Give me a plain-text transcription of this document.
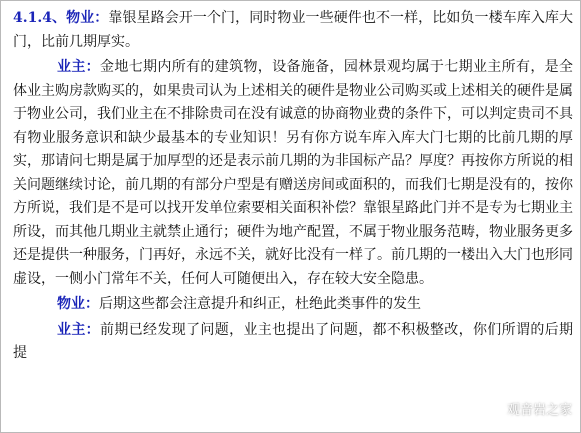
4.1.4、物业：靠银星路会开一个门，同时物业一些硬件也不一样，比如负一楼车库入库大门，比前几期厚实。

业主：金地七期内所有的建筑物，设备施备，园林景观均属于七期业主所有，是全体业主购房款购买的，如果贵司认为上述相关的硬件是物业公司购买或上述相关的硬件是属于物业公司，我们业主在不排除贵司在没有诚意的协商物业费的条件下，可以判定贵司不具有物业服务意识和缺少最基本的专业知识！另有你方说车库入库大门七期的比前几期的厚实，那请问七期是属于加厚型的还是表示前几期的为非国标产品？厚度？再按你方所说的相关问题继续讨论，前几期的有部分户型是有赠送房间或面积的，而我们七期是没有的，按你方所说，我们是不是可以找开发单位索要相关面积补偿？靠银星路此门并不是专为七期业主所设，而其他几期业主就禁止通行；硬件为地产配置，不属于物业服务范畴，物业服务更多还是提供一种服务，门再好，永远不关，就好比没有一样了。前几期的一楼出入大门也形同虚设，一侧小门常年不关，任何人可随便出入，存在较大安全隐患。

物业：后期这些都会注意提升和纠正，杜绝此类事件的发生

业主：前期已经发现了问题，业主也提出了问题，都不积极整改，你们所谓的后期提

观音岩之家
